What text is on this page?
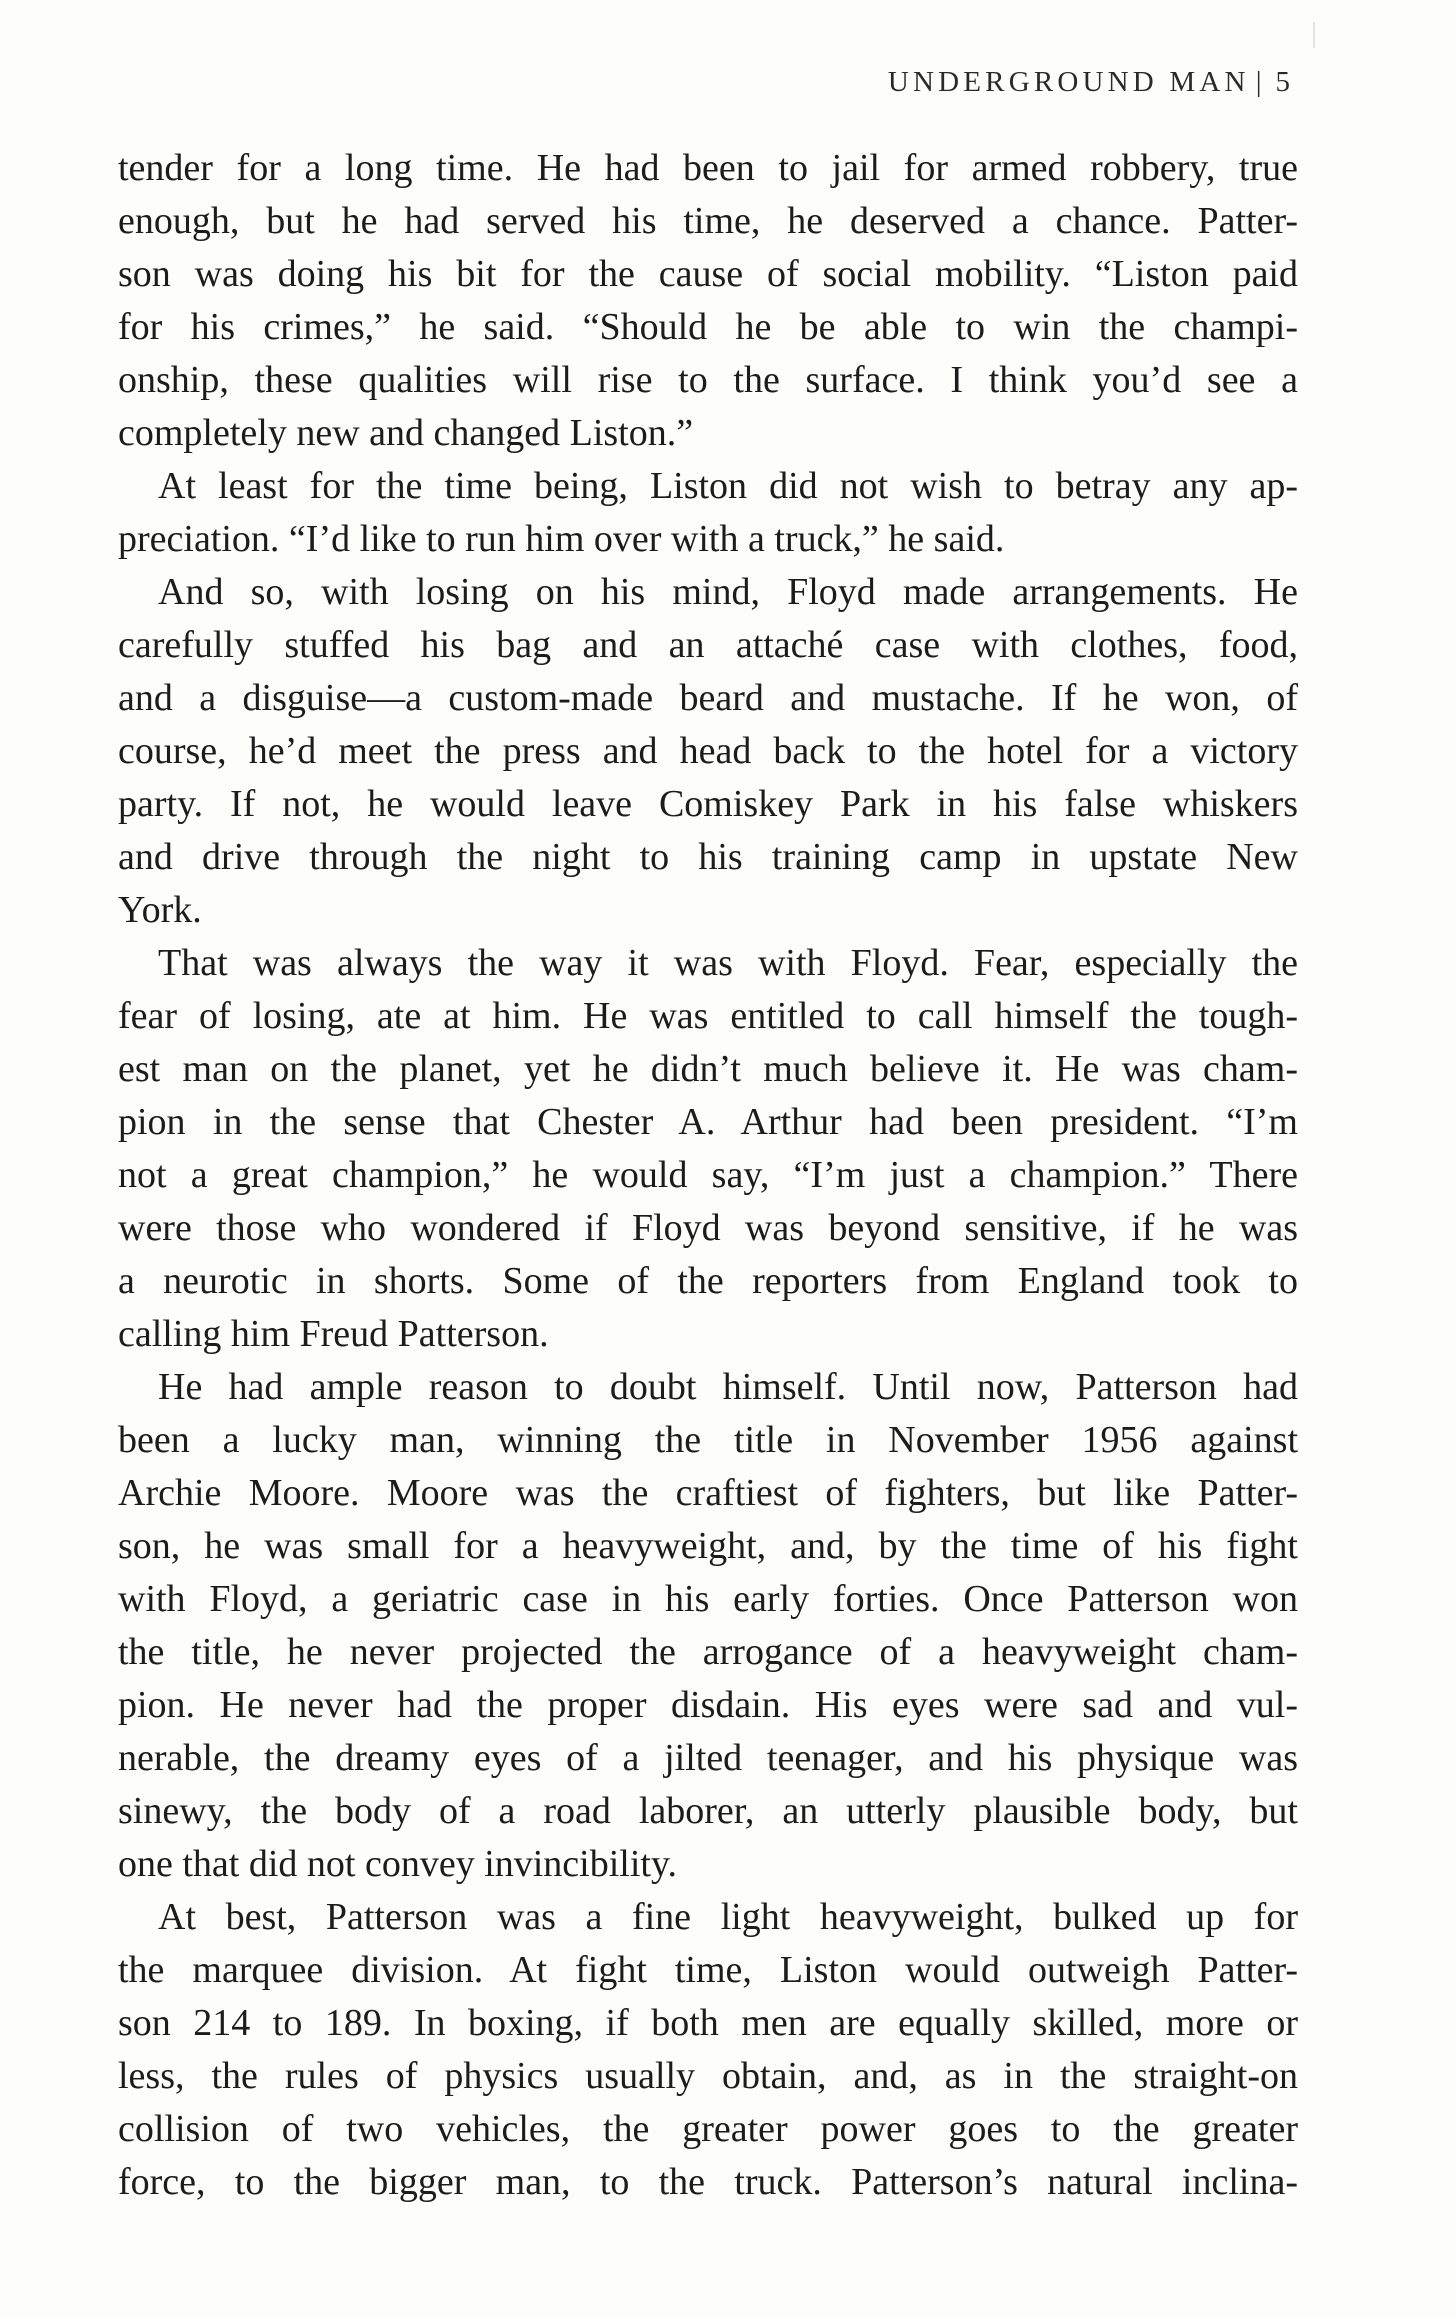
UNDERGROUND MAN | 5

tender for a long time. He had been to jail for armed robbery, true
enough, but he had served his time, he deserved a chance. Patter-
son was doing his bit for the cause of social mobility. “Liston paid
for his crimes,” he said. “Should he be able to win the champi-
onship, these qualities will rise to the surface. I think you’d see a
completely new and changed Liston.”

At least for the time being, Liston did not wish to betray any ap-
preciation. “I’d like to run him over with a truck,” he said.

And so, with losing on his mind, Floyd made arrangements. He
carefully stuffed his bag and an attaché case with clothes, food,
and a disguise—a custom-made beard and mustache. If he won, of
course, he’d meet the press and head back to the hotel for a victory
party. If not, he would leave Comiskey Park in his false whiskers
and drive through the night to his training camp in upstate New
York.

That was always the way it was with Floyd. Fear, especially the
fear of losing, ate at him. He was entitled to call himself the tough-
est man on the planet, yet he didn’t much believe it. He was cham-
pion in the sense that Chester A. Arthur had been president. “I’m
not a great champion,” he would say, “I’m just a champion.” There
were those who wondered if Floyd was beyond sensitive, if he was
a neurotic in shorts. Some of the reporters from England took to
calling him Freud Patterson.

He had ample reason to doubt himself. Until now, Patterson had
been a lucky man, winning the title in November 1956 against
Archie Moore. Moore was the craftiest of fighters, but like Patter-
son, he was small for a heavyweight, and, by the time of his fight
with Floyd, a geriatric case in his early forties. Once Patterson won
the title, he never projected the arrogance of a heavyweight cham-
pion. He never had the proper disdain. His eyes were sad and vul-
nerable, the dreamy eyes of a jilted teenager, and his physique was
sinewy, the body of a road laborer, an utterly plausible body, but
one that did not convey invincibility.

At best, Patterson was a fine light heavyweight, bulked up for
the marquee division. At fight time, Liston would outweigh Patter-
son 214 to 189. In boxing, if both men are equally skilled, more or
less, the rules of physics usually obtain, and, as in the straight-on
collision of two vehicles, the greater power goes to the greater
force, to the bigger man, to the truck. Patterson’s natural inclina-
